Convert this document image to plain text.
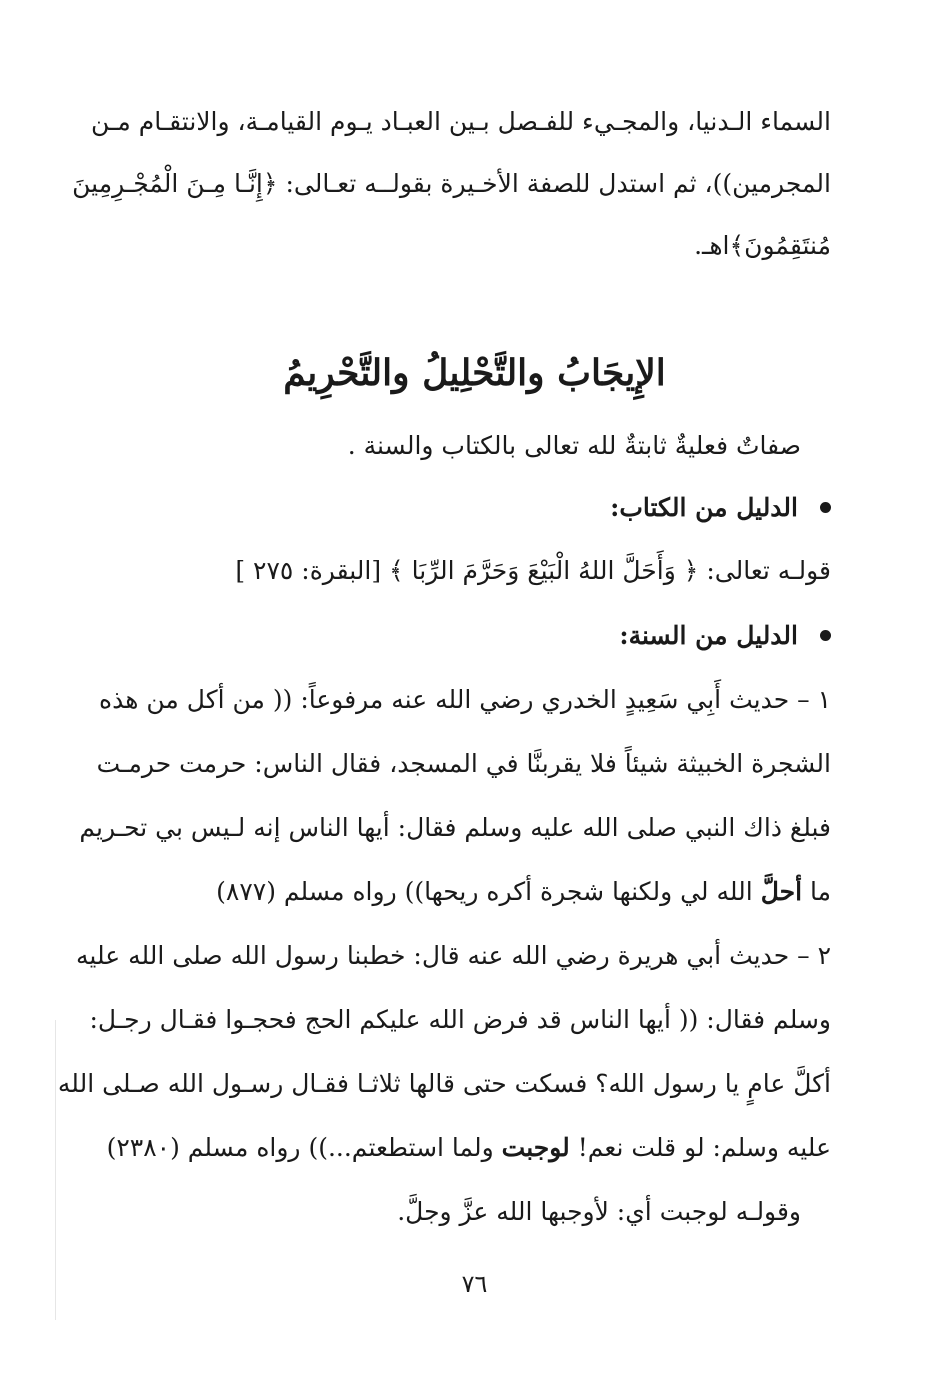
السماء الـدنيا، والمجـيء للفـصل بـين العبـاد يـوم القيامـة، والانتقـام مـن
المجرمين))، ثم استدل للصفة الأخـيرة بقولــه تعـالى: ﴿إِنَّـا مِـنَ الْمُجْـرِمِينَ
مُنتَقِمُونَ﴾اهـ.
الإِيجَابُ والتَّحْلِيلُ والتَّحْرِيمُ
صفاتٌ فعليةٌ ثابتةٌ لله تعالى بالكتاب والسنة .
الدليل من الكتاب:
قولـه تعالى: ﴿ وَأَحَلَّ اللهُ الْبَيْعَ وَحَرَّمَ الرِّبَا ﴾ [البقرة: ٢٧٥ ]
الدليل من السنة:
١ – حديث أَبِي سَعِيدٍ الخدري رضي الله عنه مرفوعاً: (( من أكل من هذه
الشجرة الخبيثة شيئاً فلا يقربنَّا في المسجد، فقال الناس: حرمت حرمـت
فبلغ ذاك النبي صلى الله عليه وسلم فقال: أيها الناس إنه لـيس بي تحـريم
ما أحلَّ الله لي ولكنها شجرة أكره ريحها)) رواه مسلم (٨٧٧)
٢ – حديث أبي هريرة رضي الله عنه قال: خطبنا رسول الله صلى الله عليه
وسلم فقال: (( أيها الناس قد فرض الله عليكم الحج فحجـوا فقـال رجـل:
أكلَّ عامٍ يا رسول الله؟ فسكت حتى قالها ثلاثـا فقـال رسـول الله صـلى الله
عليه وسلم: لو قلت نعم! لوجبت ولما استطعتم...)) رواه مسلم (٢٣٨٠)
وقولـه لوجبت أي: لأوجبها الله عزَّ وجلَّ.
٧٦
